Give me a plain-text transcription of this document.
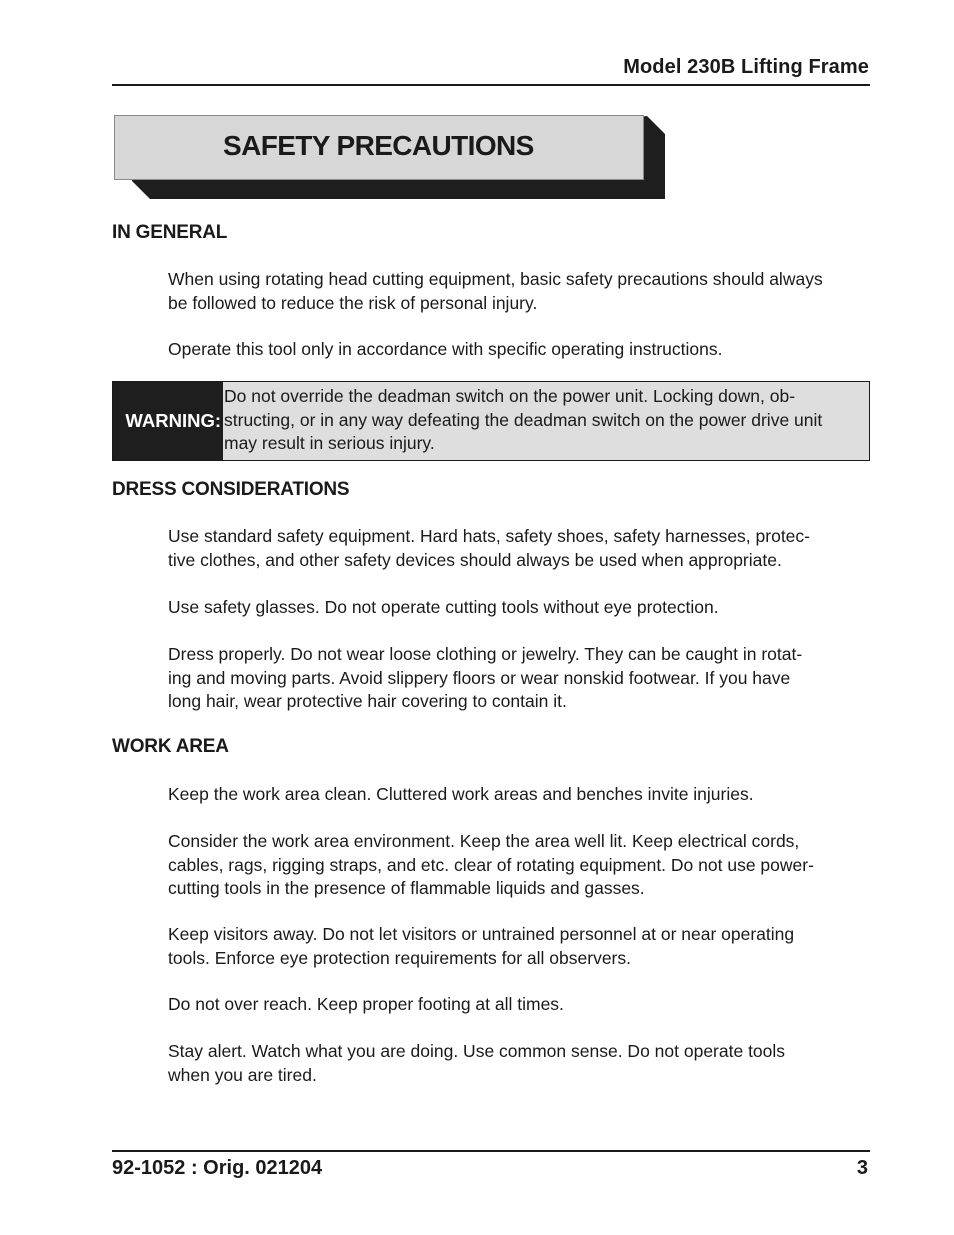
Model 230B Lifting Frame
SAFETY PRECAUTIONS
IN GENERAL
When using rotating head cutting equipment, basic safety precautions should always
be followed to reduce the risk of personal injury.
Operate this tool only in accordance with specific operating instructions.
WARNING:
Do not override the deadman switch on the power unit. Locking down, ob-
structing, or in any way defeating the deadman switch on the power drive unit
may result in serious injury.
DRESS CONSIDERATIONS
Use standard safety equipment. Hard hats, safety shoes, safety harnesses, protec-
tive clothes, and other safety devices should always be used when appropriate.
Use safety glasses. Do not operate cutting tools without eye protection.
Dress properly. Do not wear loose clothing or jewelry. They can be caught in rotat-
ing and moving parts. Avoid slippery floors or wear nonskid footwear. If you have
long hair, wear protective hair covering to contain it.
WORK AREA
Keep the work area clean. Cluttered work areas and benches invite injuries.
Consider the work area environment. Keep the area well lit. Keep electrical cords,
cables, rags, rigging straps, and etc. clear of rotating equipment. Do not use power-
cutting tools in the presence of flammable liquids and gasses.
Keep visitors away. Do not let visitors or untrained personnel at or near operating
tools. Enforce eye protection requirements for all observers.
Do not over reach. Keep proper footing at all times.
Stay alert. Watch what you are doing. Use common sense. Do not operate tools
when you are tired.
92-1052 : Orig. 021204	3
